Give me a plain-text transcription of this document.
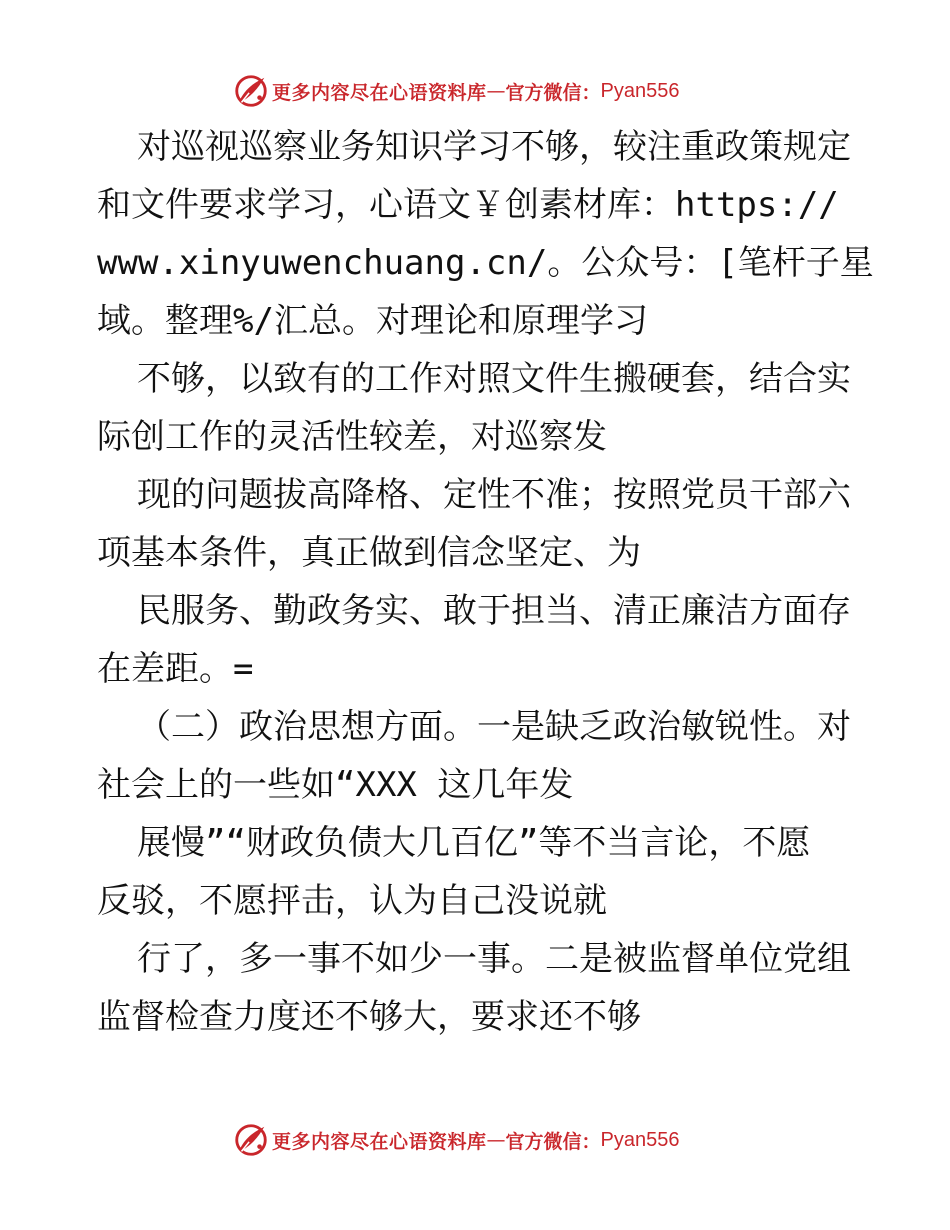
更多内容尽在心语资料库 — 官方微信： Pyan556
对巡视巡察业务知识学习不够，较注重政策规定
和文件要求学习，心语文￥创素材库：https://
www.xinyuwenchuang.cn/。公众号：[笔杆子星
域。整理%/汇总。对理论和原理学习
不够，以致有的工作对照文件生搬硬套，结合实
际创工作的灵活性较差，对巡察发
现的问题拔高降格、定性不准；按照党员干部六
项基本条件，真正做到信念坚定、为
民服务、勤政务实、敢于担当、清正廉洁方面存
在差距。=
（二）政治思想方面。一是缺乏政治敏锐性。对
社会上的一些如“XXX 这几年发
展慢”“财政负债大几百亿”等不当言论，不愿
反驳，不愿抨击，认为自己没说就
行了，多一事不如少一事。二是被监督单位党组
监督检查力度还不够大，要求还不够
更多内容尽在心语资料库 — 官方微信： Pyan556
